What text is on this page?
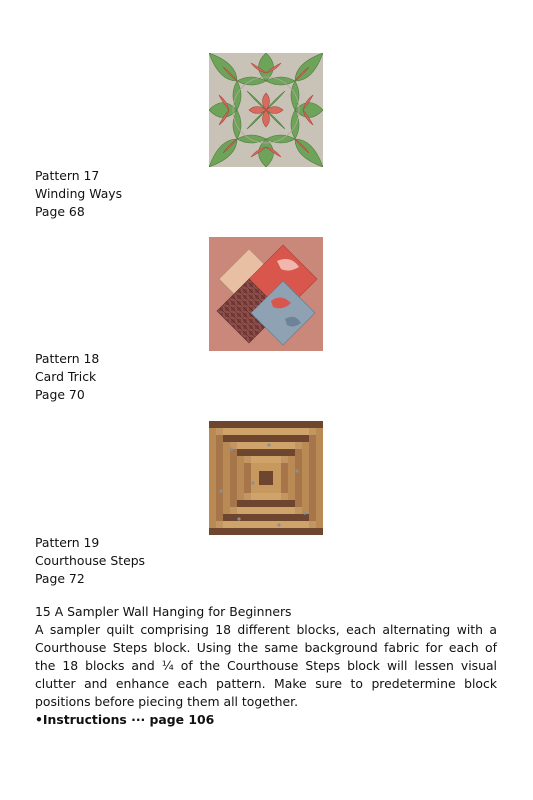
Pattern 17
Winding Ways
Page 68
Pattern 18
Card Trick
Page 70
Pattern 19
Courthouse Steps
Page 72
15 A Sampler Wall Hanging for Beginners
A sampler quilt comprising 18 different blocks, each alternating with a Courthouse Steps block. Using the same background fabric for each of the 18 blocks and ¼ of the Courthouse Steps block will lessen visual clutter and enhance each pattern. Make sure to predetermine block positions before piecing them all together.
•Instructions ··· page 106
